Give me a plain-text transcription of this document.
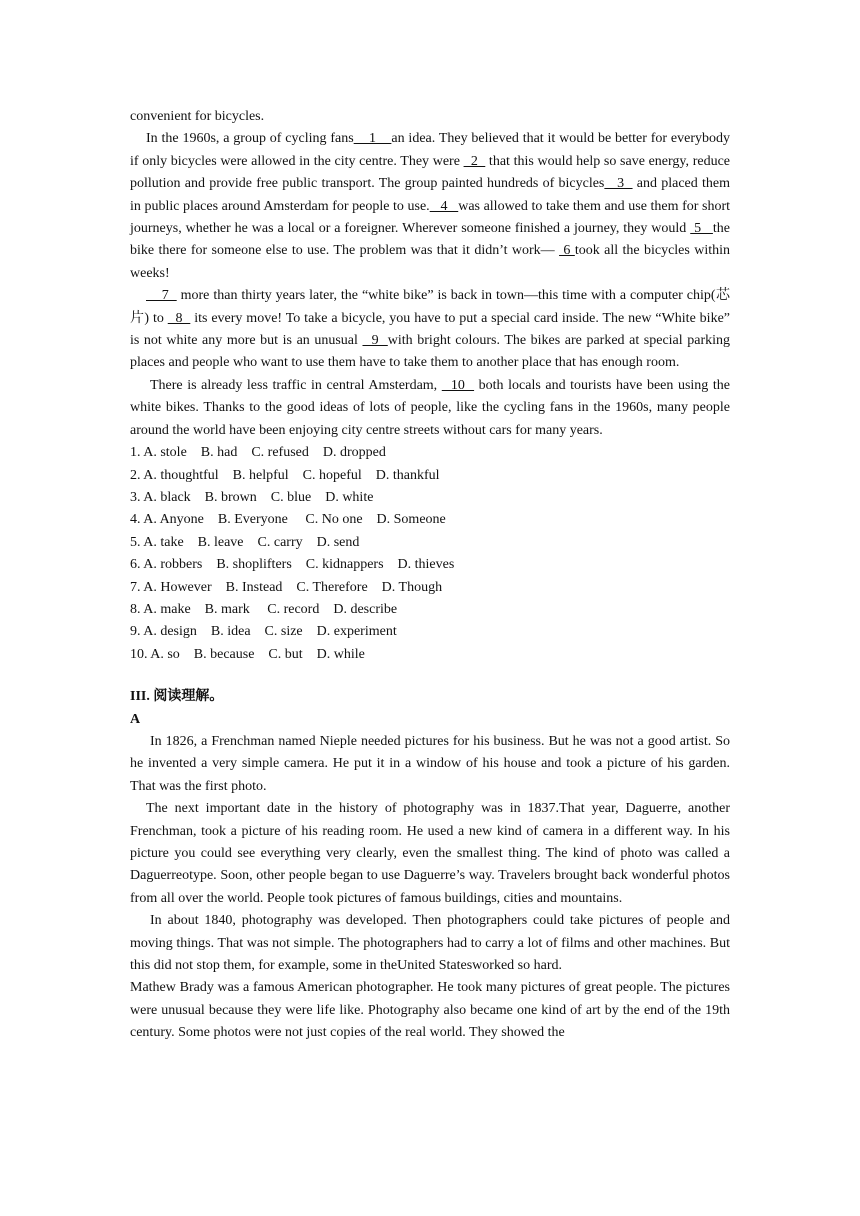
convenient for bicycles.

In the 1960s, a group of cycling fans    1    an idea. They believed that it would be better for everybody if only bicycles were allowed in the city centre. They were   2   that this would help so save energy, reduce pollution and provide free public transport. The group painted hundreds of bicycles   3   and placed them in public places around Amsterdam for people to use.   4   was allowed to take them and use them for short journeys, whether he was a local or a foreigner. Wherever someone finished a journey, they would  5   the bike there for someone else to use. The problem was that it didn’t work—  6 took all the bicycles within weeks!

7   more than thirty years later, the “white bike” is back in town—this time with a computer chip(芯片) to   8   its every move! To take a bicycle, you have to put a special card inside. The new “White bike” is not white any more but is an unusual   9  with bright colours. The bikes are parked at special parking places and people who want to use them have to take them to another place that has enough room.

There is already less traffic in central Amsterdam,   10   both locals and tourists have been using the white bikes. Thanks to the good ideas of lots of people, like the cycling fans in the 1960s, many people around the world have been enjoying city centre streets without cars for many years.

1. A. stole    B. had    C. refused    D. dropped

2. A. thoughtful    B. helpful    C. hopeful    D. thankful

3. A. black    B. brown    C. blue    D. white

4. A. Anyone    B. Everyone     C. No one    D. Someone

5. A. take    B. leave    C. carry    D. send

6. A. robbers    B. shoplifters    C. kidnappers    D. thieves

7. A. However    B. Instead    C. Therefore    D. Though

8. A. make    B. mark     C. record    D. describe

9. A. design    B. idea    C. size    D. experiment

10. A. so    B. because    C. but    D. while

III. 阅读理解。

A

In 1826, a Frenchman named Nieple needed pictures for his business. But he was not a good artist. So he invented a very simple camera. He put it in a window of his house and took a picture of his garden. That was the first photo.

The next important date in the history of photography was in 1837.That year, Daguerre, another Frenchman, took a picture of his reading room. He used a new kind of camera in a different way. In his picture you could see everything very clearly, even the smallest thing. The kind of photo was called a Daguerreotype. Soon, other people began to use Daguerre’s way. Travelers brought back wonderful photos from all over the world. People took pictures of famous buildings, cities and mountains.

In about 1840, photography was developed. Then photographers could take pictures of people and moving things. That was not simple. The photographers had to carry a lot of films and other machines. But this did not stop them, for example, some in theUnited Statesworked so hard.

Mathew Brady was a famous American photographer. He took many pictures of great people. The pictures were unusual because they were life like. Photography also became one kind of art by the end of the 19th century. Some photos were not just copies of the real world. They showed the
